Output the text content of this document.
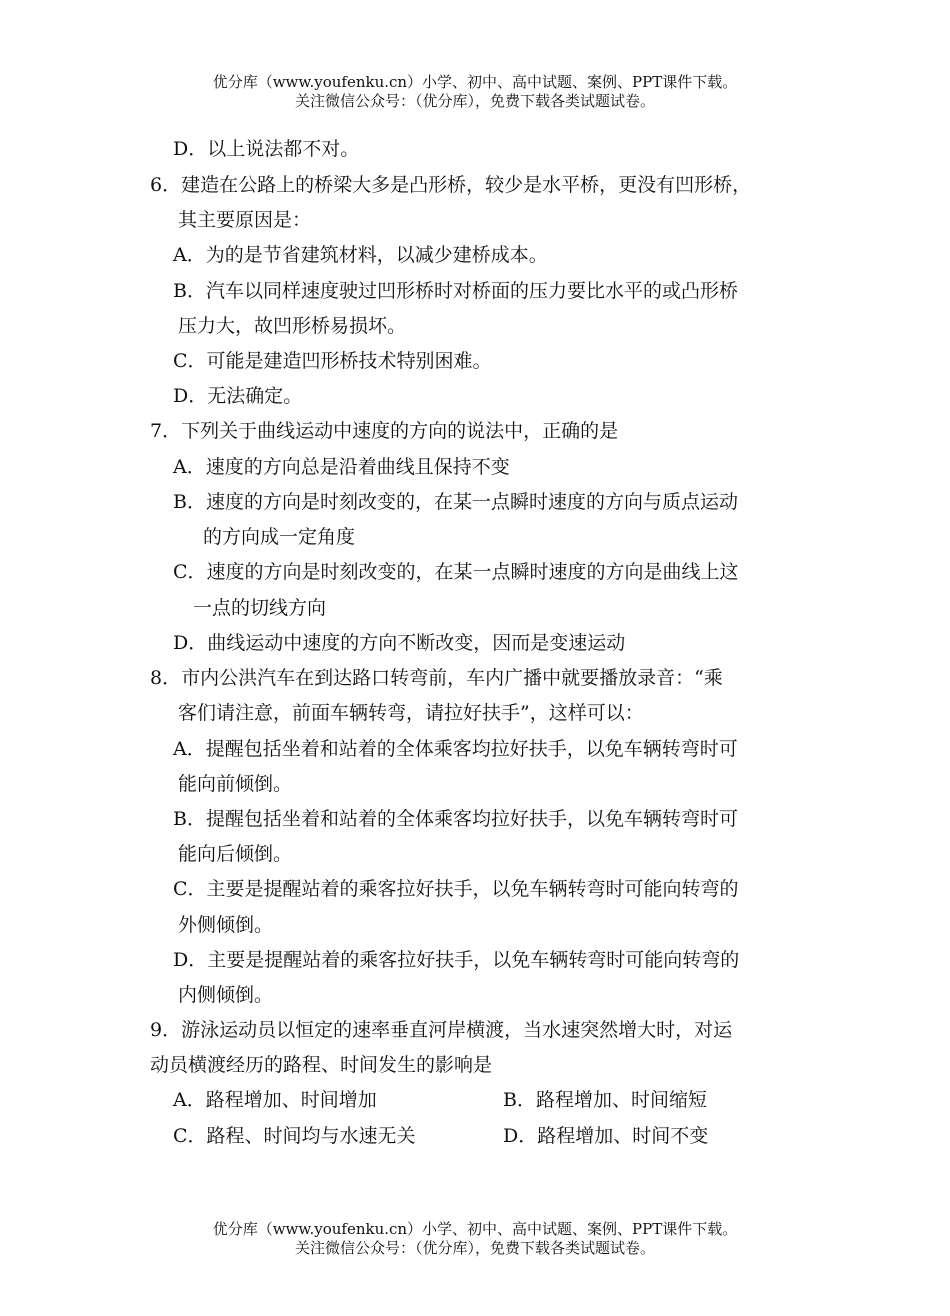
优分库（www.youfenku.cn）小学、初中、高中试题、案例、PPT课件下载。
关注微信公众号：（优分库），免费下载各类试题试卷。
D．以上说法都不对。
6．建造在公路上的桥梁大多是凸形桥，较少是水平桥，更没有凹形桥，
其主要原因是：
A．为的是节省建筑材料，以减少建桥成本。
B．汽车以同样速度驶过凹形桥时对桥面的压力要比水平的或凸形桥
压力大，故凹形桥易损坏。
C．可能是建造凹形桥技术特别困难。
D．无法确定。
7．下列关于曲线运动中速度的方向的说法中，正确的是
A．速度的方向总是沿着曲线且保持不变
B．速度的方向是时刻改变的，在某一点瞬时速度的方向与质点运动
的方向成一定角度
C．速度的方向是时刻改变的，在某一点瞬时速度的方向是曲线上这
一点的切线方向
D．曲线运动中速度的方向不断改变，因而是变速运动
8．市内公洪汽车在到达路口转弯前，车内广播中就要播放录音：“乘
客们请注意，前面车辆转弯，请拉好扶手”，这样可以：
A．提醒包括坐着和站着的全体乘客均拉好扶手，以免车辆转弯时可
能向前倾倒。
B．提醒包括坐着和站着的全体乘客均拉好扶手，以免车辆转弯时可
能向后倾倒。
C．主要是提醒站着的乘客拉好扶手，以免车辆转弯时可能向转弯的
外侧倾倒。
D．主要是提醒站着的乘客拉好扶手，以免车辆转弯时可能向转弯的
内侧倾倒。
9．游泳运动员以恒定的速率垂直河岸横渡，当水速突然增大时，对运
动员横渡经历的路程、时间发生的影响是
A．路程增加、时间增加	B．路程增加、时间缩短
C．路程、时间均与水速无关	D．路程增加、时间不变
优分库（www.youfenku.cn）小学、初中、高中试题、案例、PPT课件下载。
关注微信公众号：（优分库），免费下载各类试题试卷。
